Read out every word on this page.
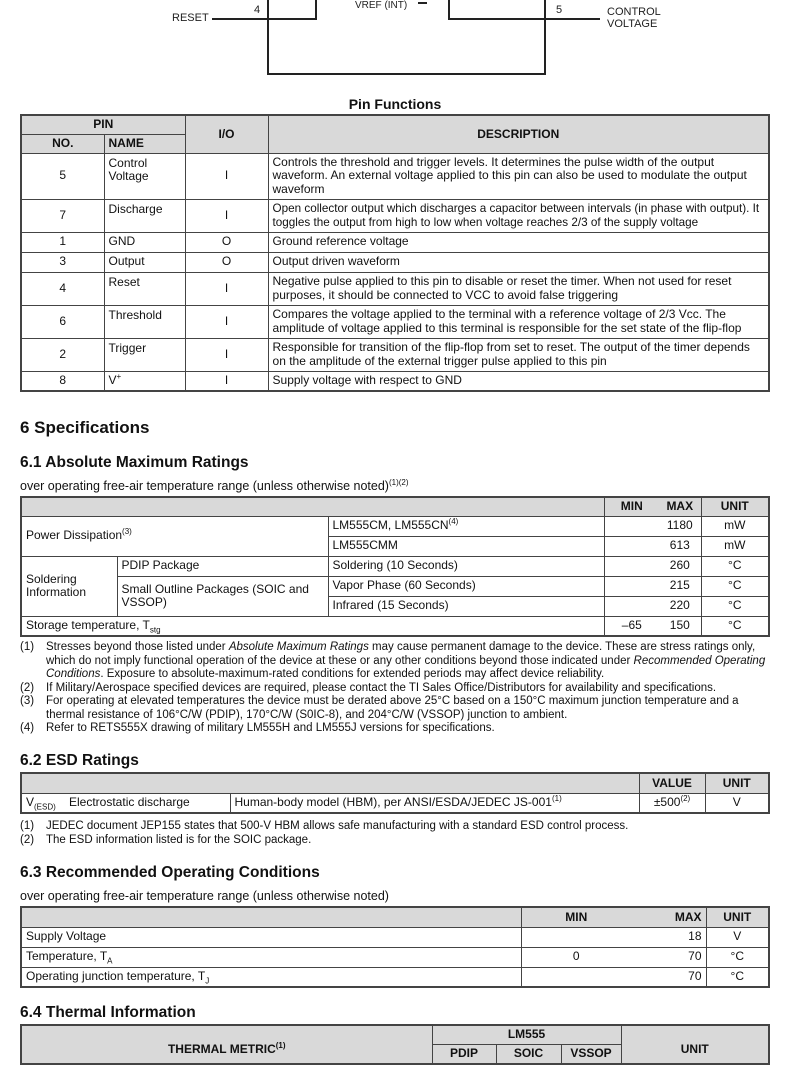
RESET
4	VREF (INT)	5	CONTROL
VOLTAGE
Pin Functions
PIN		I/O	DESCRIPTION
NO.	NAME		
5	Control Voltage	I	Controls the threshold and trigger levels. It determines the pulse width of the output waveform. An external voltage applied to this pin can also be used to modulate the output waveform
7	Discharge	I	Open collector output which discharges a capacitor between intervals (in phase with output). It toggles the output from high to low when voltage reaches 2/3 of the supply voltage
1	GND	O	Ground reference voltage
3	Output	O	Output driven waveform
4	Reset	I	Negative pulse applied to this pin to disable or reset the timer. When not used for reset purposes, it should be connected to VCC to avoid false triggering
6	Threshold	I	Compares the voltage applied to the terminal with a reference voltage of 2/3 Vcc. The amplitude of voltage applied to this terminal is responsible for the set state of the flip-flop
2	Trigger	I	Responsible for transition of the flip-flop from set to reset. The output of the timer depends on the amplitude of the external trigger pulse applied to this pin
8	V+	I	Supply voltage with respect to GND
6 Specifications
6.1 Absolute Maximum Ratings
over operating free-air temperature range (unless otherwise noted)$^{(1)(2)}$
			MIN	MAX	UNIT
Power Dissipation$^{(3)}$		LM555CM, LM555CN$^{(4)}$		1180	mW
		LM555CMM		613	mW
Soldering Information	PDIP Package	Soldering (10 Seconds)		260	°C
	Small Outline Packages (SOIC and VSSOP)	Vapor Phase (60 Seconds)		215	°C
		Infrared (15 Seconds)		220	°C
Storage temperature, $T_{stg}$			–65	150	°C
(1)	Stresses beyond those listed under Absolute Maximum Ratings may cause permanent damage to the device. These are stress ratings only, which do not imply functional operation of the device at these or any other conditions beyond those indicated under Recommended Operating Conditions. Exposure to absolute-maximum-rated conditions for extended periods may affect device reliability.
(2)	If Military/Aerospace specified devices are required, please contact the TI Sales Office/Distributors for availability and specifications.
(3)	For operating at elevated temperatures the device must be derated above 25°C based on a 150°C maximum junction temperature and a thermal resistance of 106°C/W (PDIP), 170°C/W (S0IC-8), and 204°C/W (VSSOP) junction to ambient.
(4)	Refer to RETS555X drawing of military LM555H and LM555J versions for specifications.
6.2 ESD Ratings
			VALUE	UNIT
$V_{(ESD)}$	Electrostatic discharge	Human-body model (HBM), per ANSI/ESDA/JEDEC $JS-001^{(1)}$	$\pm 500^{(2)}$	V
(1)	JEDEC document JEP155 states that 500-V HBM allows safe manufacturing with a standard ESD control process.
(2)	The ESD information listed is for the SOIC package.
6.3 Recommended Operating Conditions
over operating free-air temperature range (unless otherwise noted)
	MIN	MAX	UNIT
Supply Voltage		18	V
Temperature, $T_A$	0	70	°C
Operating junction temperature, $T_J$		70	°C
6.4 Thermal Information
THERMAL METRIC$^{(1)}$	LM555			UNIT
	PDIP	SOIC	VSSOP	
